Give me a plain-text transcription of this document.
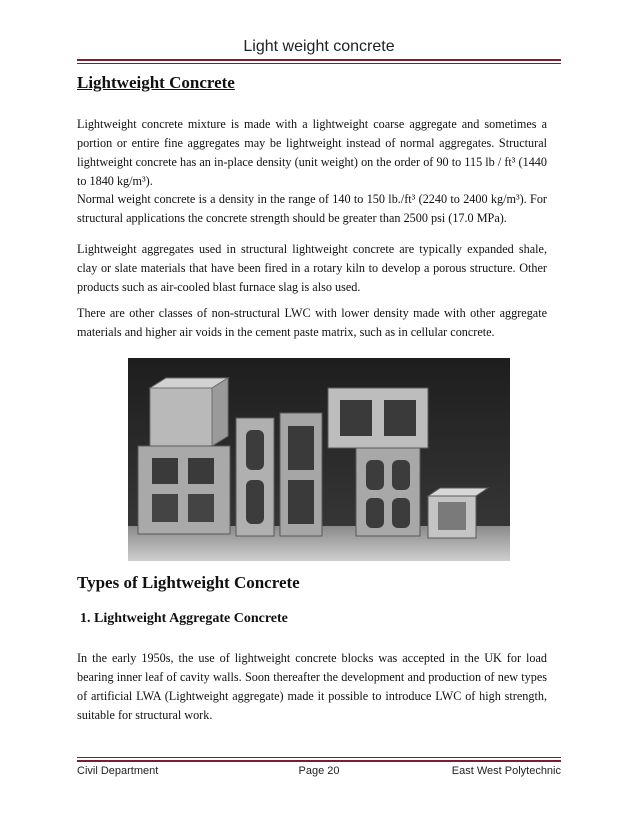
Light weight concrete
Lightweight Concrete
Lightweight concrete mixture is made with a lightweight coarse aggregate and sometimes a portion or entire fine aggregates may be lightweight instead of normal aggregates. Structural lightweight concrete has an in-place density (unit weight) on the order of 90 to 115 lb / ft³ (1440 to 1840 kg/m³).
Normal weight concrete is a density in the range of 140 to 150 lb./ft³ (2240 to 2400 kg/m³). For structural applications the concrete strength should be greater than 2500 psi (17.0 MPa).
Lightweight aggregates used in structural lightweight concrete are typically expanded shale, clay or slate materials that have been fired in a rotary kiln to develop a porous structure. Other products such as air-cooled blast furnace slag is also used.
There are other classes of non-structural LWC with lower density made with other aggregate materials and higher air voids in the cement paste matrix, such as in cellular concrete.
Types of Lightweight Concrete
1. Lightweight Aggregate Concrete
In the early 1950s, the use of lightweight concrete blocks was accepted in the UK for load bearing inner leaf of cavity walls. Soon thereafter the development and production of new types of artificial LWA (Lightweight aggregate) made it possible to introduce LWC of high strength, suitable for structural work.
Civil Department	Page 20	East West Polytechnic
